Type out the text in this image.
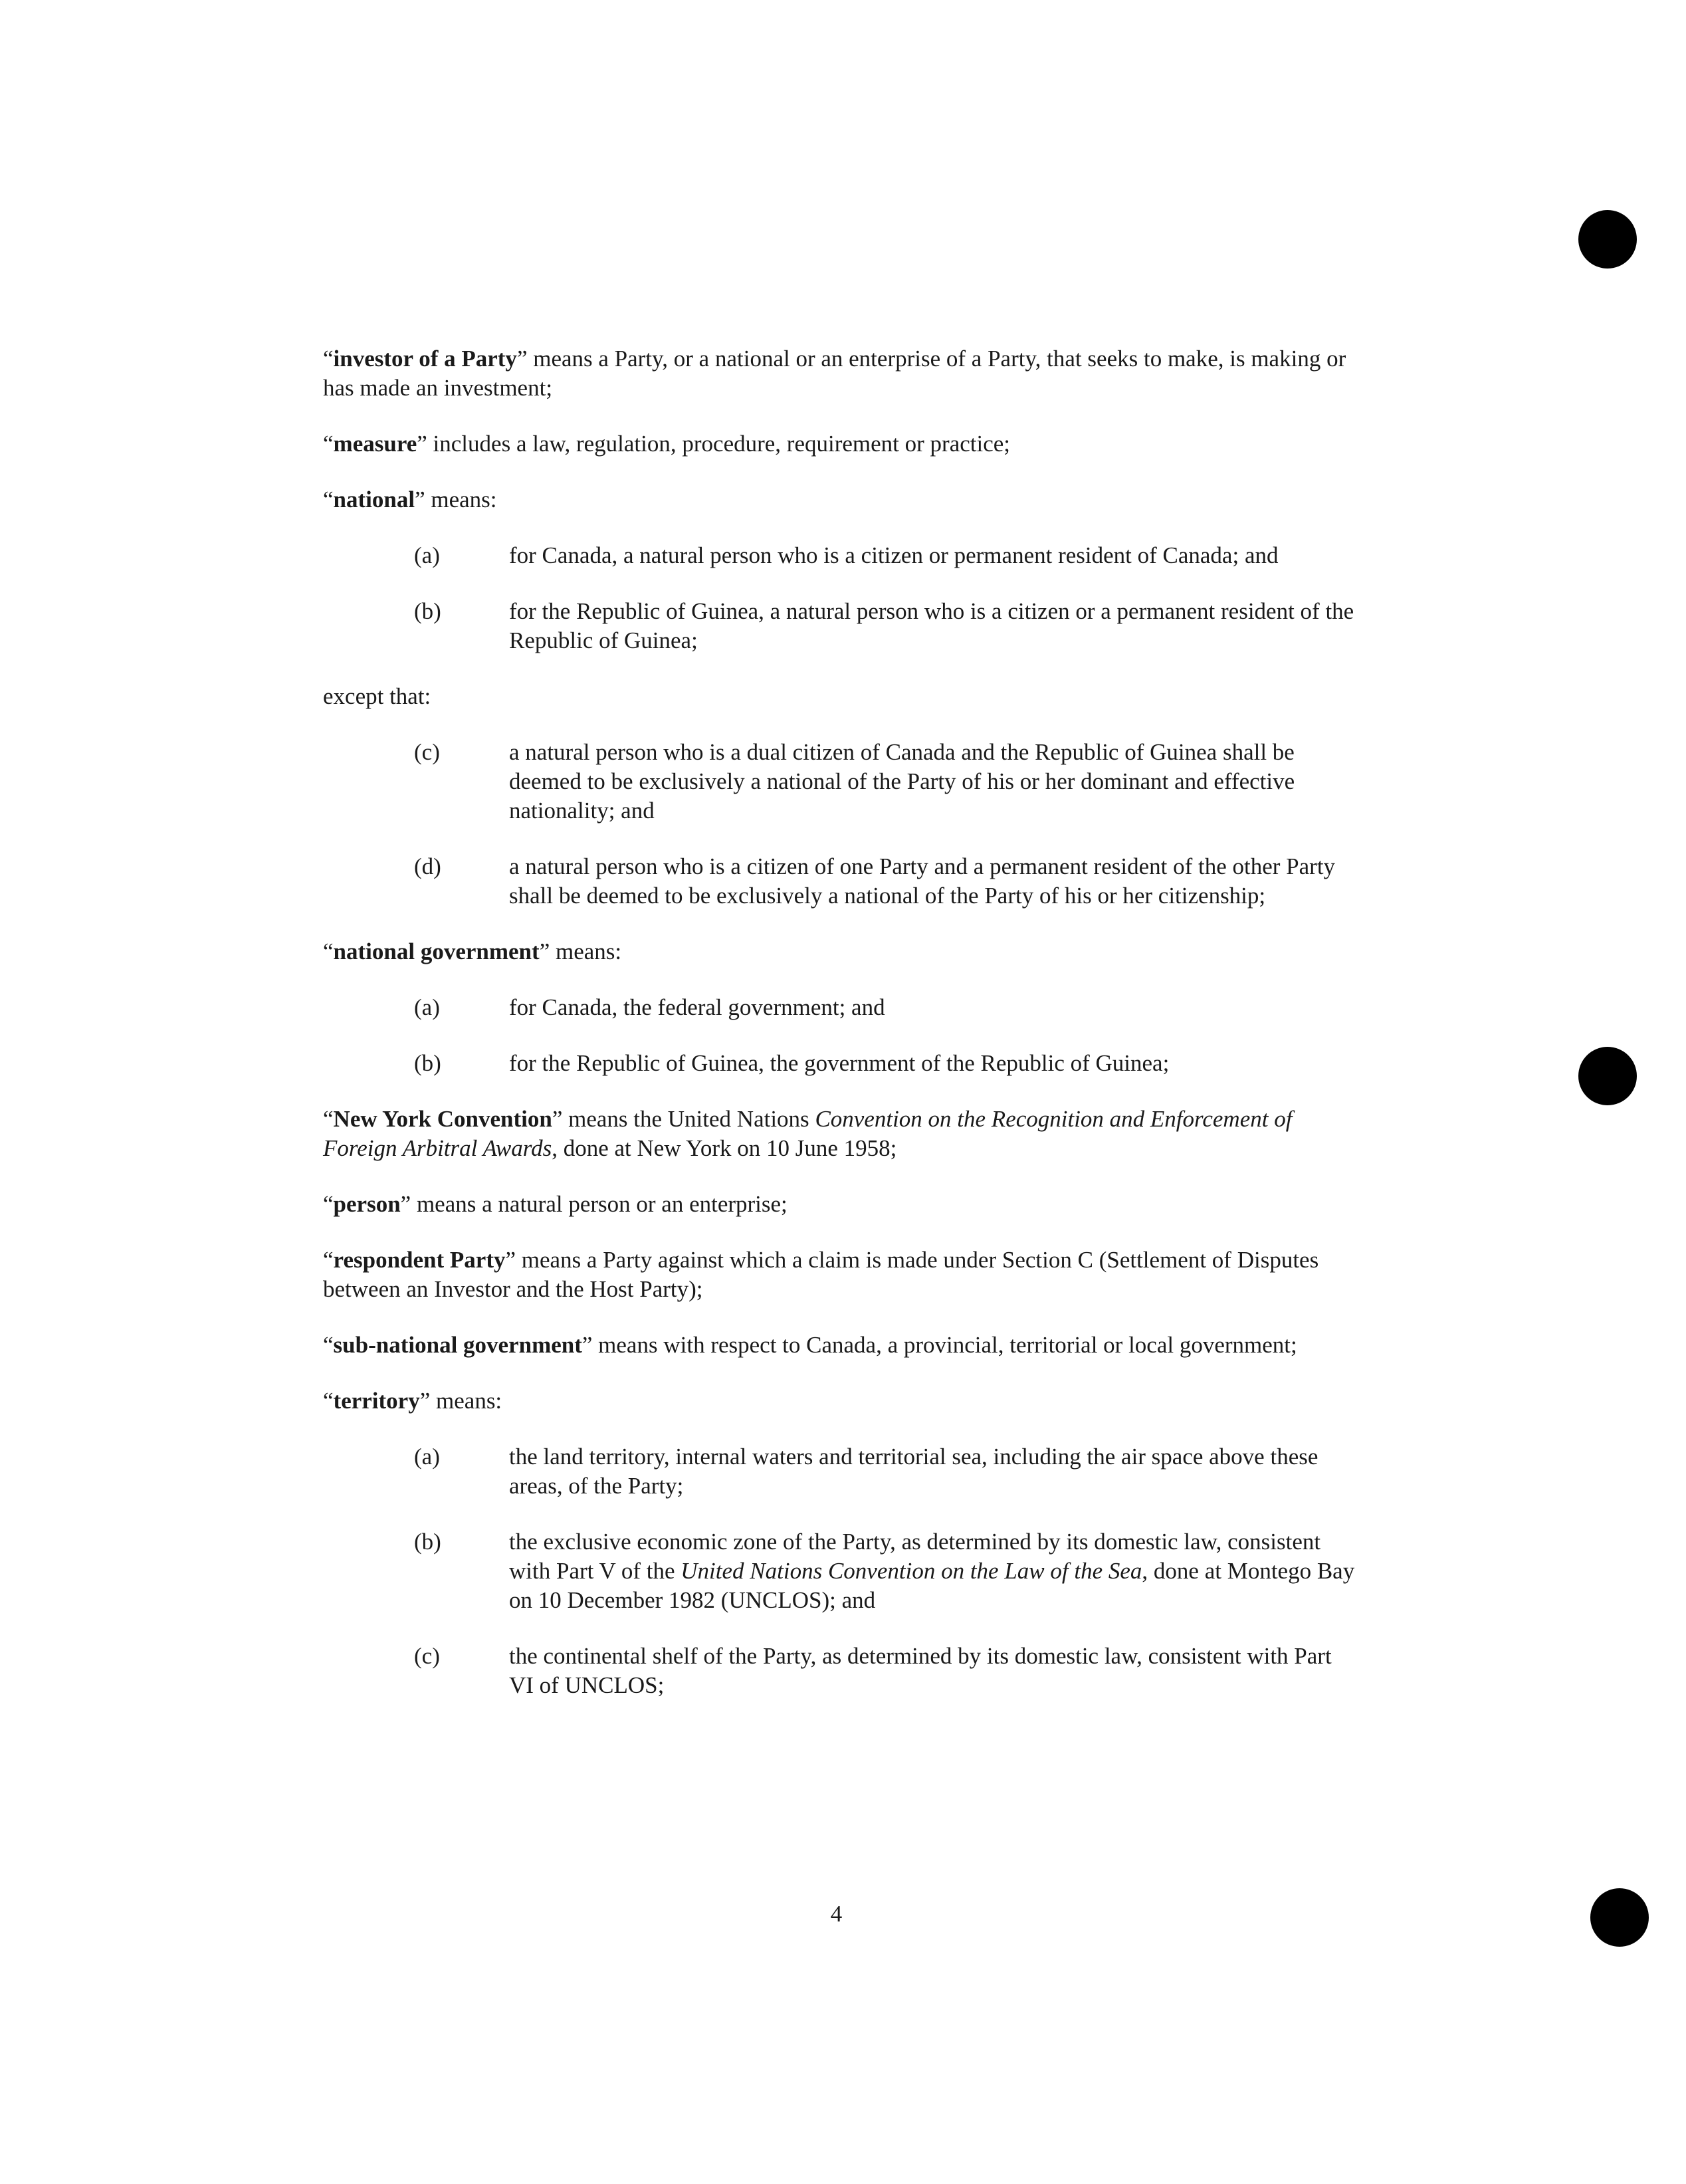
“investor of a Party” means a Party, or a national or an enterprise of a Party, that seeks to make, is making or has made an investment;

“measure” includes a law, regulation, procedure, requirement or practice;

“national” means:

(a)	for Canada, a natural person who is a citizen or permanent resident of Canada; and
(b)	for the Republic of Guinea, a natural person who is a citizen or a permanent resident of the Republic of Guinea;

except that:

(c)	a natural person who is a dual citizen of Canada and the Republic of Guinea shall be deemed to be exclusively a national of the Party of his or her dominant and effective nationality; and
(d)	a natural person who is a citizen of one Party and a permanent resident of the other Party shall be deemed to be exclusively a national of the Party of his or her citizenship;

“national government” means:

(a)	for Canada, the federal government; and
(b)	for the Republic of Guinea, the government of the Republic of Guinea;

“New York Convention” means the United Nations Convention on the Recognition and Enforcement of Foreign Arbitral Awards, done at New York on 10 June 1958;

“person” means a natural person or an enterprise;

“respondent Party” means a Party against which a claim is made under Section C (Settlement of Disputes between an Investor and the Host Party);

“sub-national government” means with respect to Canada, a provincial, territorial or local government;

“territory” means:

(a)	the land territory, internal waters and territorial sea, including the air space above these areas, of the Party;
(b)	the exclusive economic zone of the Party, as determined by its domestic law, consistent with Part V of the United Nations Convention on the Law of the Sea, done at Montego Bay on 10 December 1982 (UNCLOS); and
(c)	the continental shelf of the Party, as determined by its domestic law, consistent with Part VI of UNCLOS;
4
